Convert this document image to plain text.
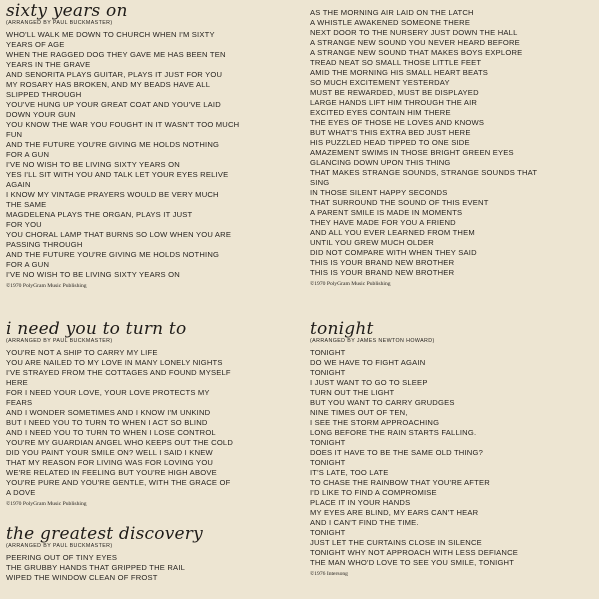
sixty years on
(ARRANGED BY PAUL BUCKMASTER)
WHO'LL WALK ME DOWN TO CHURCH WHEN I'M SIXTY
YEARS OF AGE
WHEN THE RAGGED DOG THEY GAVE ME HAS BEEN TEN
YEARS IN THE GRAVE
AND SENORITA PLAYS GUITAR, PLAYS IT JUST FOR YOU
MY ROSARY HAS BROKEN, AND MY BEADS HAVE ALL
SLIPPED THROUGH
YOU'VE HUNG UP YOUR GREAT COAT AND YOU'VE LAID
DOWN YOUR GUN
YOU KNOW THE WAR YOU FOUGHT IN IT WASN'T TOO MUCH
FUN
AND THE FUTURE YOU'RE GIVING ME HOLDS NOTHING
FOR A GUN
I'VE NO WISH TO BE LIVING SIXTY YEARS ON
YES I'LL SIT WITH YOU AND TALK LET YOUR EYES RELIVE
AGAIN
I KNOW MY VINTAGE PRAYERS WOULD BE VERY MUCH
THE SAME
MAGDELENA PLAYS THE ORGAN, PLAYS IT JUST
FOR YOU
YOU CHORAL LAMP THAT BURNS SO LOW WHEN YOU ARE
PASSING THROUGH
AND THE FUTURE YOU'RE GIVING ME HOLDS NOTHING
FOR A GUN
I'VE NO WISH TO BE LIVING SIXTY YEARS ON
©1970 PolyGram Music Publishing
i need you to turn to
(ARRANGED BY PAUL BUCKMASTER)
YOU'RE NOT A SHIP TO CARRY MY LIFE
YOU ARE NAILED TO MY LOVE IN MANY LONELY NIGHTS
I'VE STRAYED FROM THE COTTAGES AND FOUND MYSELF
HERE
FOR I NEED YOUR LOVE, YOUR LOVE PROTECTS MY
FEARS
AND I WONDER SOMETIMES AND I KNOW I'M UNKIND
BUT I NEED YOU TO TURN TO WHEN I ACT SO BLIND
AND I NEED YOU TO TURN TO WHEN I LOSE CONTROL
YOU'RE MY GUARDIAN ANGEL WHO KEEPS OUT THE COLD
DID YOU PAINT YOUR SMILE ON? WELL I SAID I KNEW
THAT MY REASON FOR LIVING WAS FOR LOVING YOU
WE'RE RELATED IN FEELING BUT YOU'RE HIGH ABOVE
YOU'RE PURE AND YOU'RE GENTLE, WITH THE GRACE OF
A DOVE
©1970 PolyGram Music Publishing
the greatest discovery
(ARRANGED BY PAUL BUCKMASTER)
PEERING OUT OF TINY EYES
THE GRUBBY HANDS THAT GRIPPED THE RAIL
WIPED THE WINDOW CLEAN OF FROST
AS THE MORNING AIR LAID ON THE LATCH
A WHISTLE AWAKENED SOMEONE THERE
NEXT DOOR TO THE NURSERY JUST DOWN THE HALL
A STRANGE NEW SOUND YOU NEVER HEARD BEFORE
A STRANGE NEW SOUND THAT MAKES BOYS EXPLORE
TREAD NEAT SO SMALL THOSE LITTLE FEET
AMID THE MORNING HIS SMALL HEART BEATS
SO MUCH EXCITEMENT YESTERDAY
MUST BE REWARDED, MUST BE DISPLAYED
LARGE HANDS LIFT HIM THROUGH THE AIR
EXCITED EYES CONTAIN HIM THERE
THE EYES OF THOSE HE LOVES AND KNOWS
BUT WHAT'S THIS EXTRA BED JUST HERE
HIS PUZZLED HEAD TIPPED TO ONE SIDE
AMAZEMENT SWIMS IN THOSE BRIGHT GREEN EYES
GLANCING DOWN UPON THIS THING
THAT MAKES STRANGE SOUNDS, STRANGE SOUNDS THAT
SING
IN THOSE SILENT HAPPY SECONDS
THAT SURROUND THE SOUND OF THIS EVENT
A PARENT SMILE IS MADE IN MOMENTS
THEY HAVE MADE FOR YOU A FRIEND
AND ALL YOU EVER LEARNED FROM THEM
UNTIL YOU GREW MUCH OLDER
DID NOT COMPARE WITH WHEN THEY SAID
THIS IS YOUR BRAND NEW BROTHER
THIS IS YOUR BRAND NEW BROTHER
©1970 PolyGram Music Publishing
tonight
(ARRANGED BY JAMES NEWTON HOWARD)
TONIGHT
DO WE HAVE TO FIGHT AGAIN
TONIGHT
I JUST WANT TO GO TO SLEEP
TURN OUT THE LIGHT
BUT YOU WANT TO CARRY GRUDGES
NINE TIMES OUT OF TEN,
I SEE THE STORM APPROACHING
LONG BEFORE THE RAIN STARTS FALLING.
TONIGHT
DOES IT HAVE TO BE THE SAME OLD THING?
TONIGHT
IT'S LATE, TOO LATE
TO CHASE THE RAINBOW THAT YOU'RE AFTER
I'D LIKE TO FIND A COMPROMISE
PLACE IT IN YOUR HANDS
MY EYES ARE BLIND, MY EARS CAN'T HEAR
AND I CAN'T FIND THE TIME.
TONIGHT
JUST LET THE CURTAINS CLOSE IN SILENCE
TONIGHT WHY NOT APPROACH WITH LESS DEFIANCE
THE MAN WHO'D LOVE TO SEE YOU SMILE, TONIGHT
©1976 Intersong
